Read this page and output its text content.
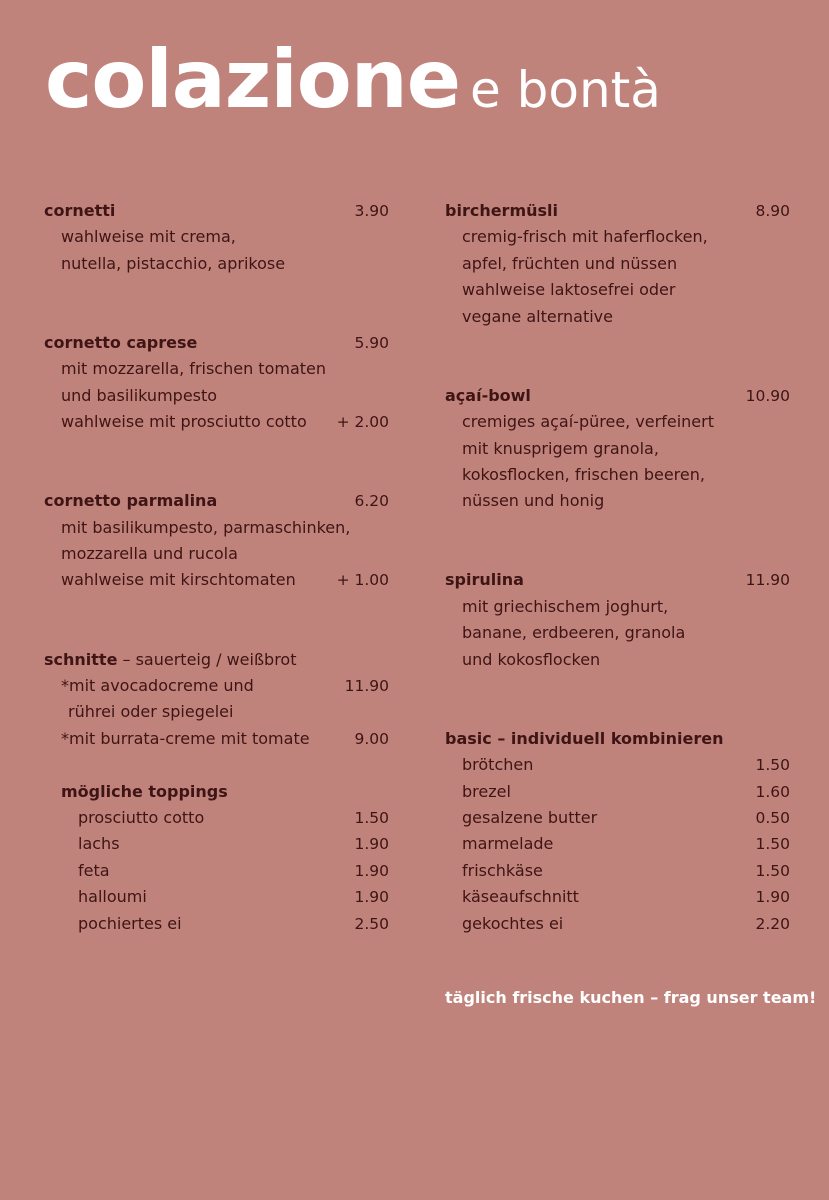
colazione e bontà
cornetti	3.90
wahlweise mit crema,
nutella, pistacchio, aprikose
cornetto caprese	5.90
mit mozzarella, frischen tomaten
und basilikumpesto
wahlweise mit prosciutto cotto + 2.00
cornetto parmalina	6.20
mit basilikumpesto, parmaschinken,
mozzarella und rucola
wahlweise mit kirschtomaten	+ 1.00
schnitte – sauerteig / weißbrot
*mit avocadocreme und	11.90
rührei oder spiegelei
*mit burrata-creme mit tomate	9.00
mögliche toppings
prosciutto cotto	1.50
lachs	1.90
feta	1.90
halloumi	1.90
pochiertes ei	2.50
birchermüsli	8.90
cremig-frisch mit haferflocken,
apfel, früchten und nüssen
wahlweise laktosefrei oder
vegane alternative
açaí-bowl	10.90
cremiges açaí-püree, verfeinert
mit knusprigem granola,
kokosflocken, frischen beeren,
nüssen und honig
spirulina	11.90
mit griechischem joghurt,
banane, erdbeeren, granola
und kokosflocken
basic – individuell kombinieren
brötchen	1.50
brezel	1.60
gesalzene butter	0.50
marmelade	1.50
frischkäse	1.50
käseaufschnitt	1.90
gekochtes ei	2.20
täglich frische kuchen – frag unser team!
